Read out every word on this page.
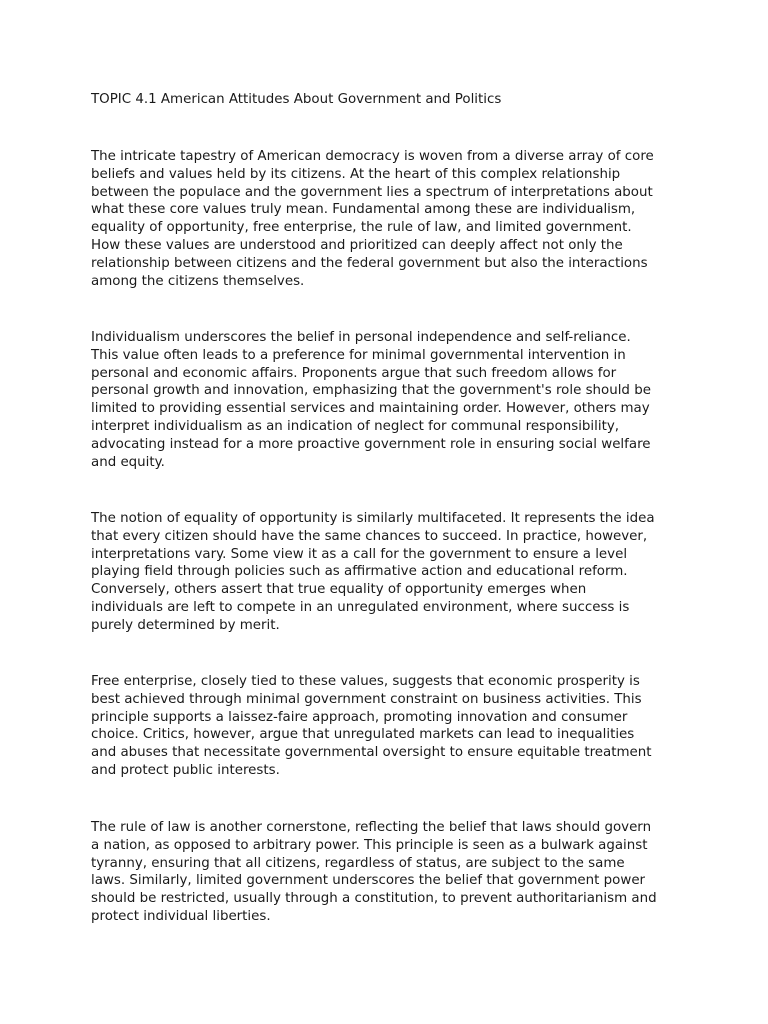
TOPIC 4.1 American Attitudes About Government and Politics
The intricate tapestry of American democracy is woven from a diverse array of core
beliefs and values held by its citizens. At the heart of this complex relationship
between the populace and the government lies a spectrum of interpretations about
what these core values truly mean. Fundamental among these are individualism,
equality of opportunity, free enterprise, the rule of law, and limited government.
How these values are understood and prioritized can deeply affect not only the
relationship between citizens and the federal government but also the interactions
among the citizens themselves.
Individualism underscores the belief in personal independence and self-reliance.
This value often leads to a preference for minimal governmental intervention in
personal and economic affairs. Proponents argue that such freedom allows for
personal growth and innovation, emphasizing that the government's role should be
limited to providing essential services and maintaining order. However, others may
interpret individualism as an indication of neglect for communal responsibility,
advocating instead for a more proactive government role in ensuring social welfare
and equity.
The notion of equality of opportunity is similarly multifaceted. It represents the idea
that every citizen should have the same chances to succeed. In practice, however,
interpretations vary. Some view it as a call for the government to ensure a level
playing field through policies such as affirmative action and educational reform.
Conversely, others assert that true equality of opportunity emerges when
individuals are left to compete in an unregulated environment, where success is
purely determined by merit.
Free enterprise, closely tied to these values, suggests that economic prosperity is
best achieved through minimal government constraint on business activities. This
principle supports a laissez-faire approach, promoting innovation and consumer
choice. Critics, however, argue that unregulated markets can lead to inequalities
and abuses that necessitate governmental oversight to ensure equitable treatment
and protect public interests.
The rule of law is another cornerstone, reflecting the belief that laws should govern
a nation, as opposed to arbitrary power. This principle is seen as a bulwark against
tyranny, ensuring that all citizens, regardless of status, are subject to the same
laws. Similarly, limited government underscores the belief that government power
should be restricted, usually through a constitution, to prevent authoritarianism and
protect individual liberties.
